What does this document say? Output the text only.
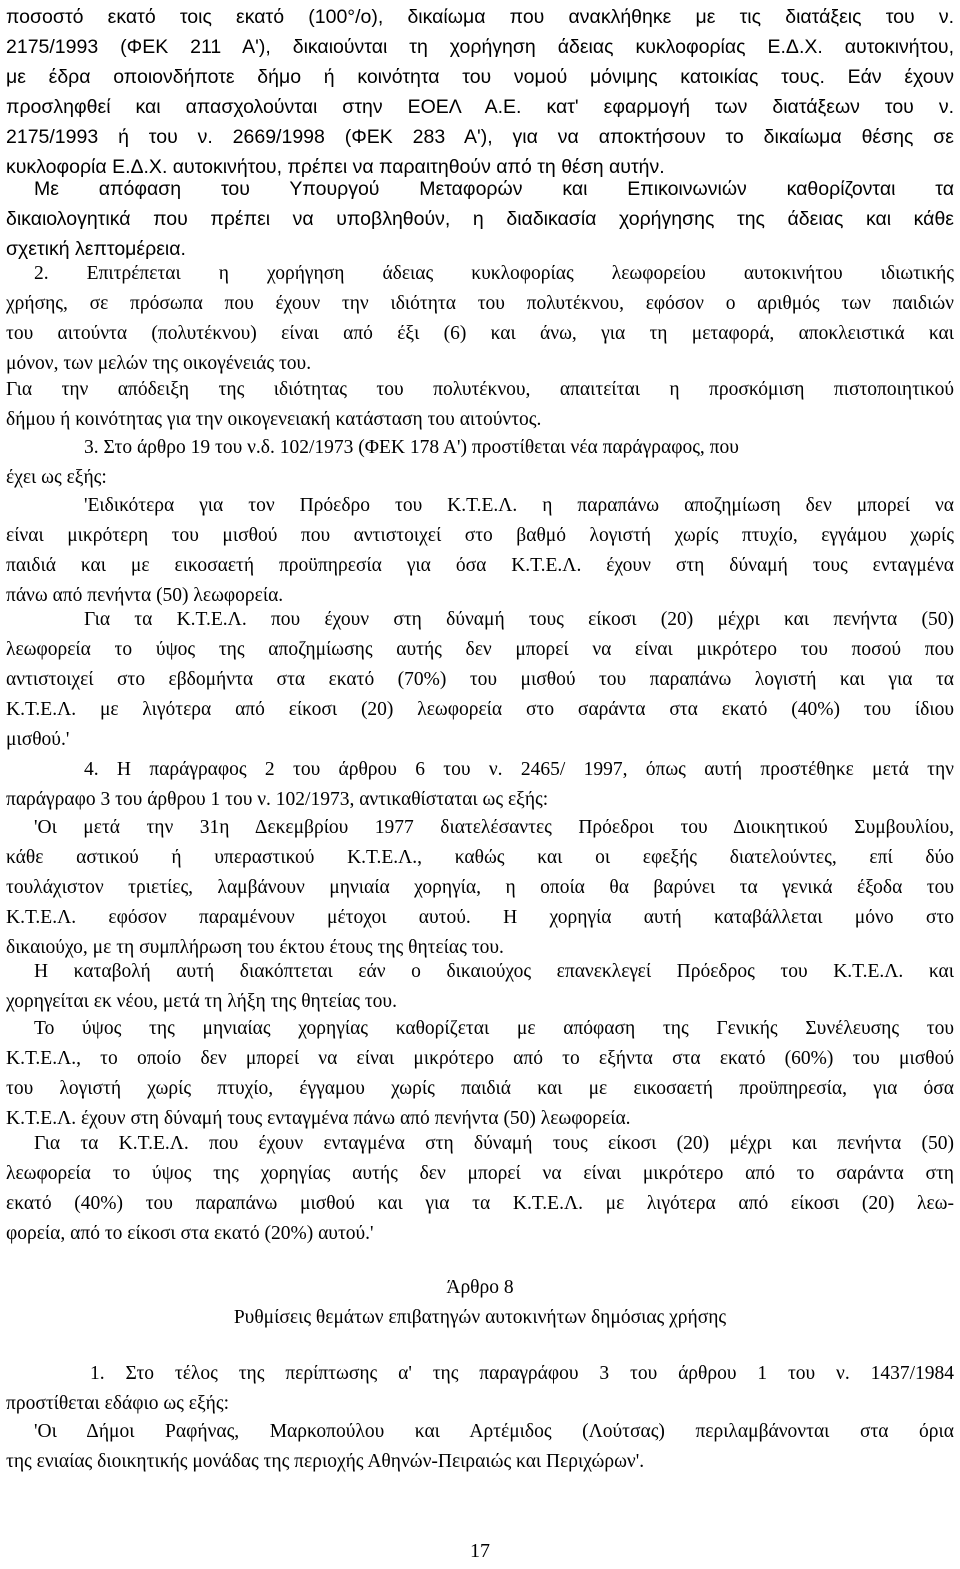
ποσοστό εκατό τοις εκατό (100°/ο), δικαίωμα που ανακλήθηκε με τις διατάξεις του ν.
2175/1993 (ΦΕΚ 211 Α'), δικαιούνται τη χορήγηση άδειας κυκλοφορίας Ε.Δ.Χ. αυτοκινήτου,
με έδρα οποιονδήποτε δήμο ή κοινότητα του νομού μόνιμης κατοικίας τους. Εάν έχουν
προσληφθεί και απασχολούνται στην ΕΟΕΛ Α.Ε. κατ' εφαρμογή των διατάξεων του ν.
2175/1993 ή του ν. 2669/1998 (ΦΕΚ 283 Α'), για να αποκτήσουν το δικαίωμα θέσης σε
κυκλοφορία Ε.Δ.Χ. αυτοκινήτου, πρέπει να παραιτηθούν από τη θέση αυτήν.
Με απόφαση του Υπουργού Μεταφορών και Επικοινωνιών καθορίζονται τα
δικαιολογητικά που πρέπει να υποβληθούν, η διαδικασία χορήγησης της άδειας και κάθε
σχετική λεπτομέρεια.
2. Επιτρέπεται η χορήγηση άδειας κυκλοφορίας λεωφορείου αυτοκινήτου ιδιωτικής
χρήσης, σε πρόσωπα που έχουν την ιδιότητα του πολυτέκνου, εφόσον ο αριθμός των παιδιών
του αιτούντα (πολυτέκνου) είναι από έξι (6) και άνω, για τη μεταφορά, αποκλειστικά και
μόνον, των μελών της οικογένειάς του.
Για την απόδειξη της ιδιότητας του πολυτέκνου, απαιτείται η προσκόμιση πιστοποιητικού
δήμου ή κοινότητας για την οικογενειακή κατάσταση του αιτούντος.
3. Στο άρθρο 19 του ν.δ. 102/1973 (ΦΕΚ 178 Α') προστίθεται νέα παράγραφος, που
έχει ως εξής:
'Ειδικότερα για τον Πρόεδρο του Κ.Τ.Ε.Λ. η παραπάνω αποζημίωση δεν μπορεί να
είναι μικρότερη του μισθού που αντιστοιχεί στο βαθμό λογιστή χωρίς πτυχίο, εγγάμου χωρίς
παιδιά και με εικοσαετή προϋπηρεσία για όσα Κ.Τ.Ε.Λ. έχουν στη δύναμή τους ενταγμένα
πάνω από πενήντα (50) λεωφορεία.
Για τα Κ.Τ.Ε.Λ. που έχουν στη δύναμή τους είκοσι (20) μέχρι και πενήντα (50)
λεωφορεία το ύψος της αποζημίωσης αυτής δεν μπορεί να είναι μικρότερο του ποσού που
αντιστοιχεί στο εβδομήντα στα εκατό (70%) του μισθού του παραπάνω λογιστή και για τα
Κ.Τ.Ε.Λ. με λιγότερα από είκοσι (20) λεωφορεία στο σαράντα στα εκατό (40%) του ίδιου
μισθού.'
4. Η παράγραφος 2 του άρθρου 6 του ν. 2465/ 1997, όπως αυτή προστέθηκε μετά την
παράγραφο 3 του άρθρου 1 του ν. 102/1973, αντικαθίσταται ως εξής:
'Οι μετά την 31η Δεκεμβρίου 1977 διατελέσαντες Πρόεδροι του Διοικητικού Συμβουλίου,
κάθε αστικού ή υπεραστικού Κ.Τ.Ε.Λ., καθώς και οι εφεξής διατελούντες, επί δύο
τουλάχιστον τριετίες, λαμβάνουν μηνιαία χορηγία, η οποία θα βαρύνει τα γενικά έξοδα του
Κ.Τ.Ε.Λ. εφόσον παραμένουν μέτοχοι αυτού. Η χορηγία αυτή καταβάλλεται μόνο στο
δικαιούχο, με τη συμπλήρωση του έκτου έτους της θητείας του.
Η καταβολή αυτή διακόπτεται εάν ο δικαιούχος επανεκλεγεί Πρόεδρος του Κ.Τ.Ε.Λ. και
χορηγείται εκ νέου, μετά τη λήξη της θητείας του.
Το ύψος της μηνιαίας χορηγίας καθορίζεται με απόφαση της Γενικής Συνέλευσης του
Κ.Τ.Ε.Λ., το οποίο δεν μπορεί να είναι μικρότερο από το εξήντα στα εκατό (60%) του μισθού
του λογιστή χωρίς πτυχίο, έγγαμου χωρίς παιδιά και με εικοσαετή προϋπηρεσία, για όσα
Κ.Τ.Ε.Λ. έχουν στη δύναμή τους ενταγμένα πάνω από πενήντα (50) λεωφορεία.
Για τα Κ.Τ.Ε.Λ. που έχουν ενταγμένα στη δύναμή τους είκοσι (20) μέχρι και πενήντα (50)
λεωφορεία το ύψος της χορηγίας αυτής δεν μπορεί να είναι μικρότερο από το σαράντα στη
εκατό (40%) του παραπάνω μισθού και για τα Κ.Τ.Ε.Λ. με λιγότερα από είκοσι (20) λεω-
φορεία, από το είκοσι στα εκατό (20%) αυτού.'
Άρθρο 8
Ρυθμίσεις θεμάτων επιβατηγών αυτοκινήτων δημόσιας χρήσης
1. Στο τέλος της περίπτωσης α' της παραγράφου 3 του άρθρου 1 του ν. 1437/1984
προστίθεται εδάφιο ως εξής:
'Οι Δήμοι Ραφήνας, Μαρκοπούλου και Αρτέμιδος (Λούτσας) περιλαμβάνονται στα όρια
της ενιαίας διοικητικής μονάδας της περιοχής Αθηνών-Πειραιώς και Περιχώρων'.
17
